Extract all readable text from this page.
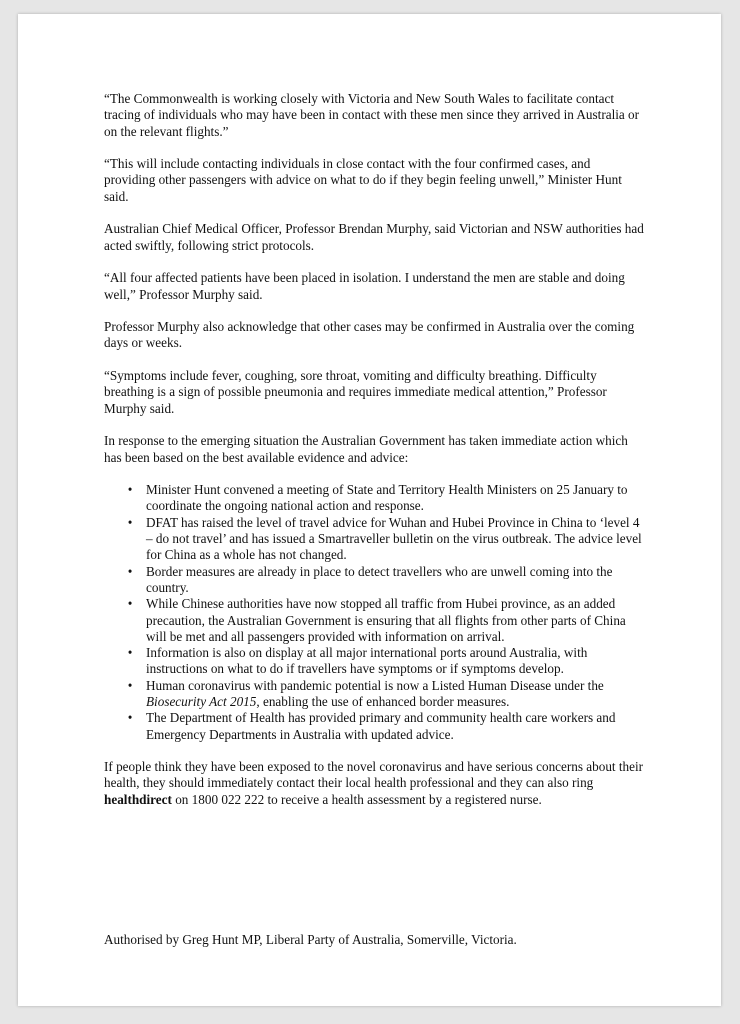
“The Commonwealth is working closely with Victoria and New South Wales to facilitate contact tracing of individuals who may have been in contact with these men since they arrived in Australia or on the relevant flights.”

“This will include contacting individuals in close contact with the four confirmed cases, and providing other passengers with advice on what to do if they begin feeling unwell,” Minister Hunt said.

Australian Chief Medical Officer, Professor Brendan Murphy, said Victorian and NSW authorities had acted swiftly, following strict protocols.

“All four affected patients have been placed in isolation. I understand the men are stable and doing well,” Professor Murphy said.

Professor Murphy also acknowledge that other cases may be confirmed in Australia over the coming days or weeks.

“Symptoms include fever, coughing, sore throat, vomiting and difficulty breathing. Difficulty breathing is a sign of possible pneumonia and requires immediate medical attention,” Professor Murphy said.

In response to the emerging situation the Australian Government has taken immediate action which has been based on the best available evidence and advice:

• Minister Hunt convened a meeting of State and Territory Health Ministers on 25 January to coordinate the ongoing national action and response.
• DFAT has raised the level of travel advice for Wuhan and Hubei Province in China to ‘level 4 – do not travel’ and has issued a Smartraveller bulletin on the virus outbreak. The advice level for China as a whole has not changed.
• Border measures are already in place to detect travellers who are unwell coming into the country.
• While Chinese authorities have now stopped all traffic from Hubei province, as an added precaution, the Australian Government is ensuring that all flights from other parts of China will be met and all passengers provided with information on arrival.
• Information is also on display at all major international ports around Australia, with instructions on what to do if travellers have symptoms or if symptoms develop.
• Human coronavirus with pandemic potential is now a Listed Human Disease under the Biosecurity Act 2015, enabling the use of enhanced border measures.
• The Department of Health has provided primary and community health care workers and Emergency Departments in Australia with updated advice.

If people think they have been exposed to the novel coronavirus and have serious concerns about their health, they should immediately contact their local health professional and they can also ring healthdirect on 1800 022 222 to receive a health assessment by a registered nurse.

Authorised by Greg Hunt MP, Liberal Party of Australia, Somerville, Victoria.
